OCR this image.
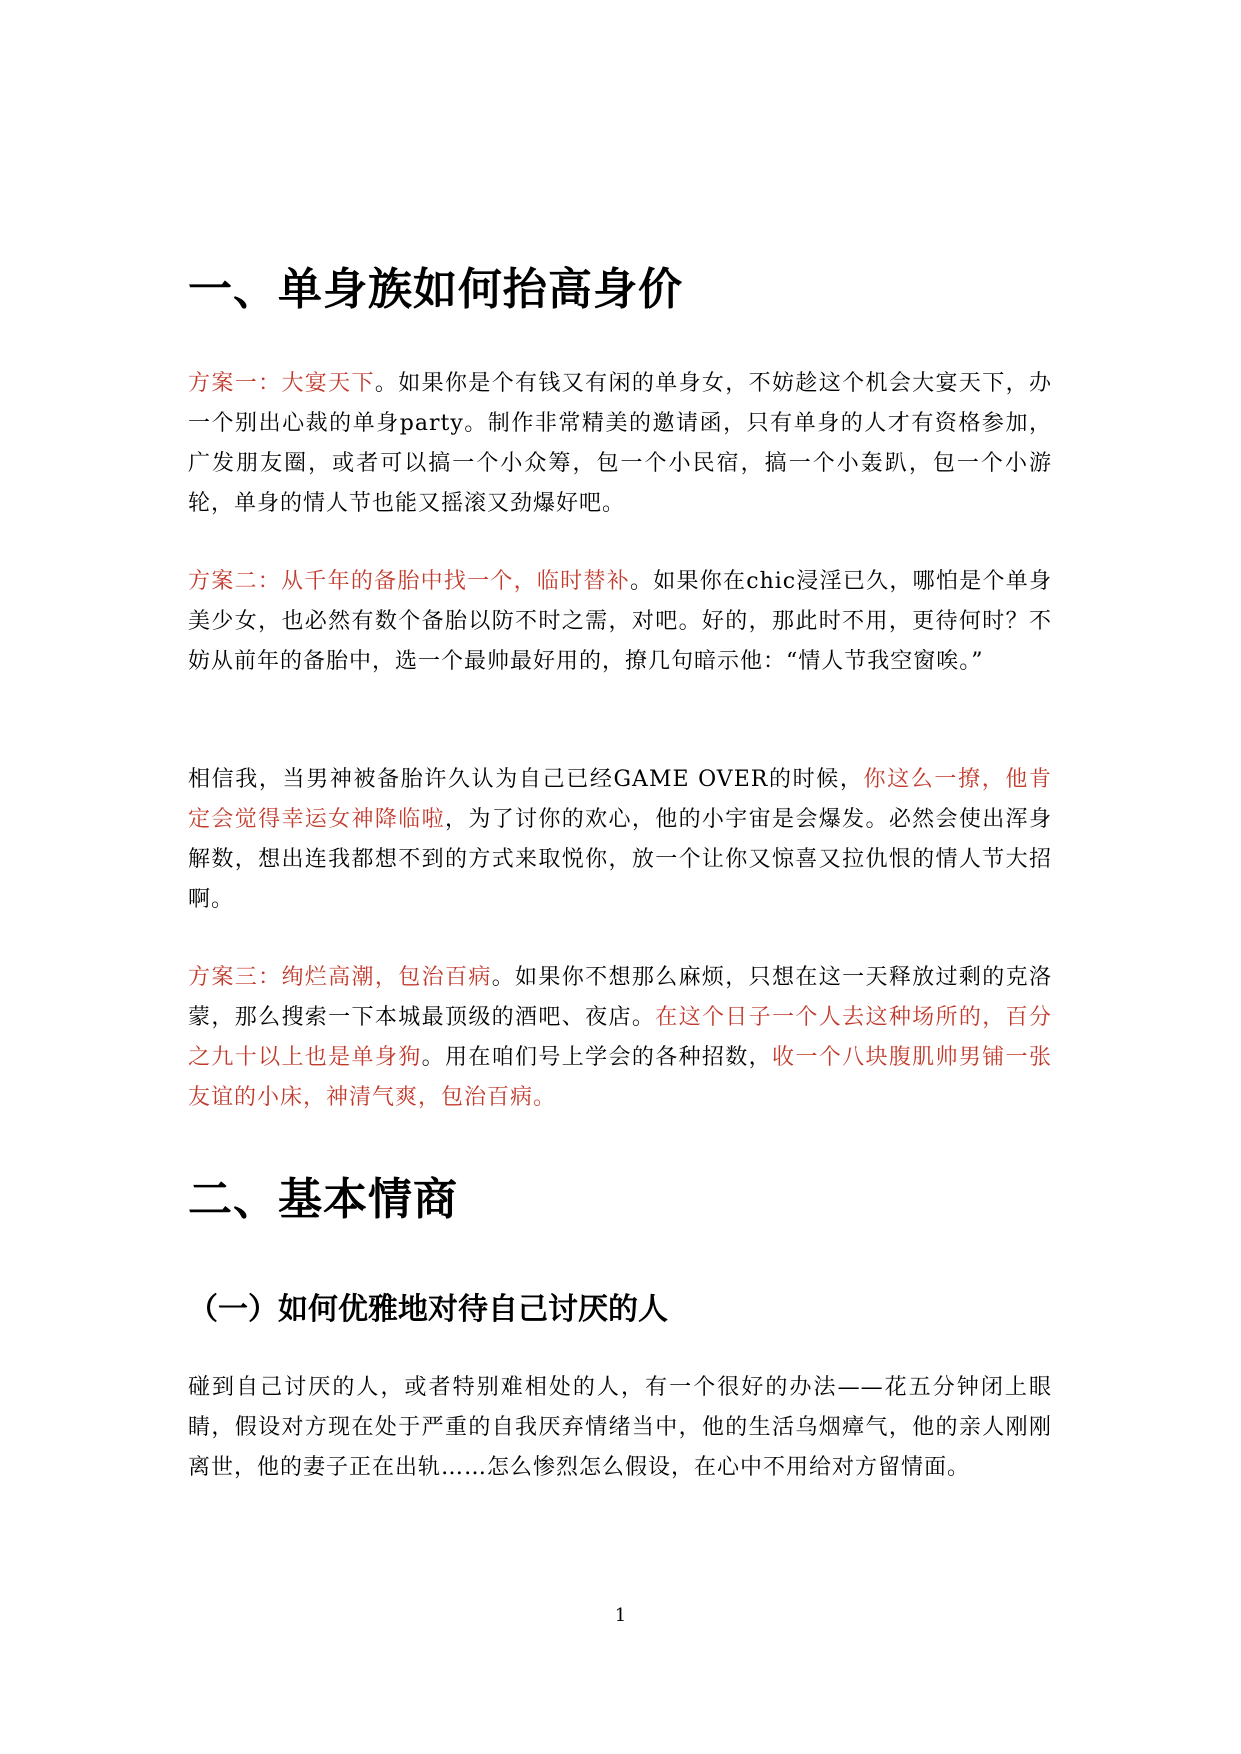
一、单身族如何抬高身价

方案一：大宴天下。如果你是个有钱又有闲的单身女，不妨趁这个机会大宴天下，办一个别出心裁的单身party。制作非常精美的邀请函，只有单身的人才有资格参加，广发朋友圈，或者可以搞一个小众筹，包一个小民宿，搞一个小轰趴，包一个小游轮，单身的情人节也能又摇滚又劲爆好吧。

方案二：从千年的备胎中找一个，临时替补。如果你在chic浸淫已久，哪怕是个单身美少女，也必然有数个备胎以防不时之需，对吧。好的，那此时不用，更待何时？不妨从前年的备胎中，选一个最帅最好用的，撩几句暗示他：“情人节我空窗唉。”

相信我，当男神被备胎许久认为自己已经GAME OVER的时候，你这么一撩，他肯定会觉得幸运女神降临啦，为了讨你的欢心，他的小宇宙是会爆发。必然会使出浑身解数，想出连我都想不到的方式来取悦你，放一个让你又惊喜又拉仇恨的情人节大招啊。

方案三：绚烂高潮，包治百病。如果你不想那么麻烦，只想在这一天释放过剩的克洛蒙，那么搜索一下本城最顶级的酒吧、夜店。在这个日子一个人去这种场所的，百分之九十以上也是单身狗。用在咱们号上学会的各种招数，收一个八块腹肌帅男铺一张友谊的小床，神清气爽，包治百病。

二、基本情商
（一）如何优雅地对待自己讨厌的人

碰到自己讨厌的人，或者特别难相处的人，有一个很好的办法——花五分钟闭上眼睛，假设对方现在处于严重的自我厌弃情绪当中，他的生活乌烟瘴气，他的亲人刚刚离世，他的妻子正在出轨……怎么惨烈怎么假设，在心中不用给对方留情面。

1
